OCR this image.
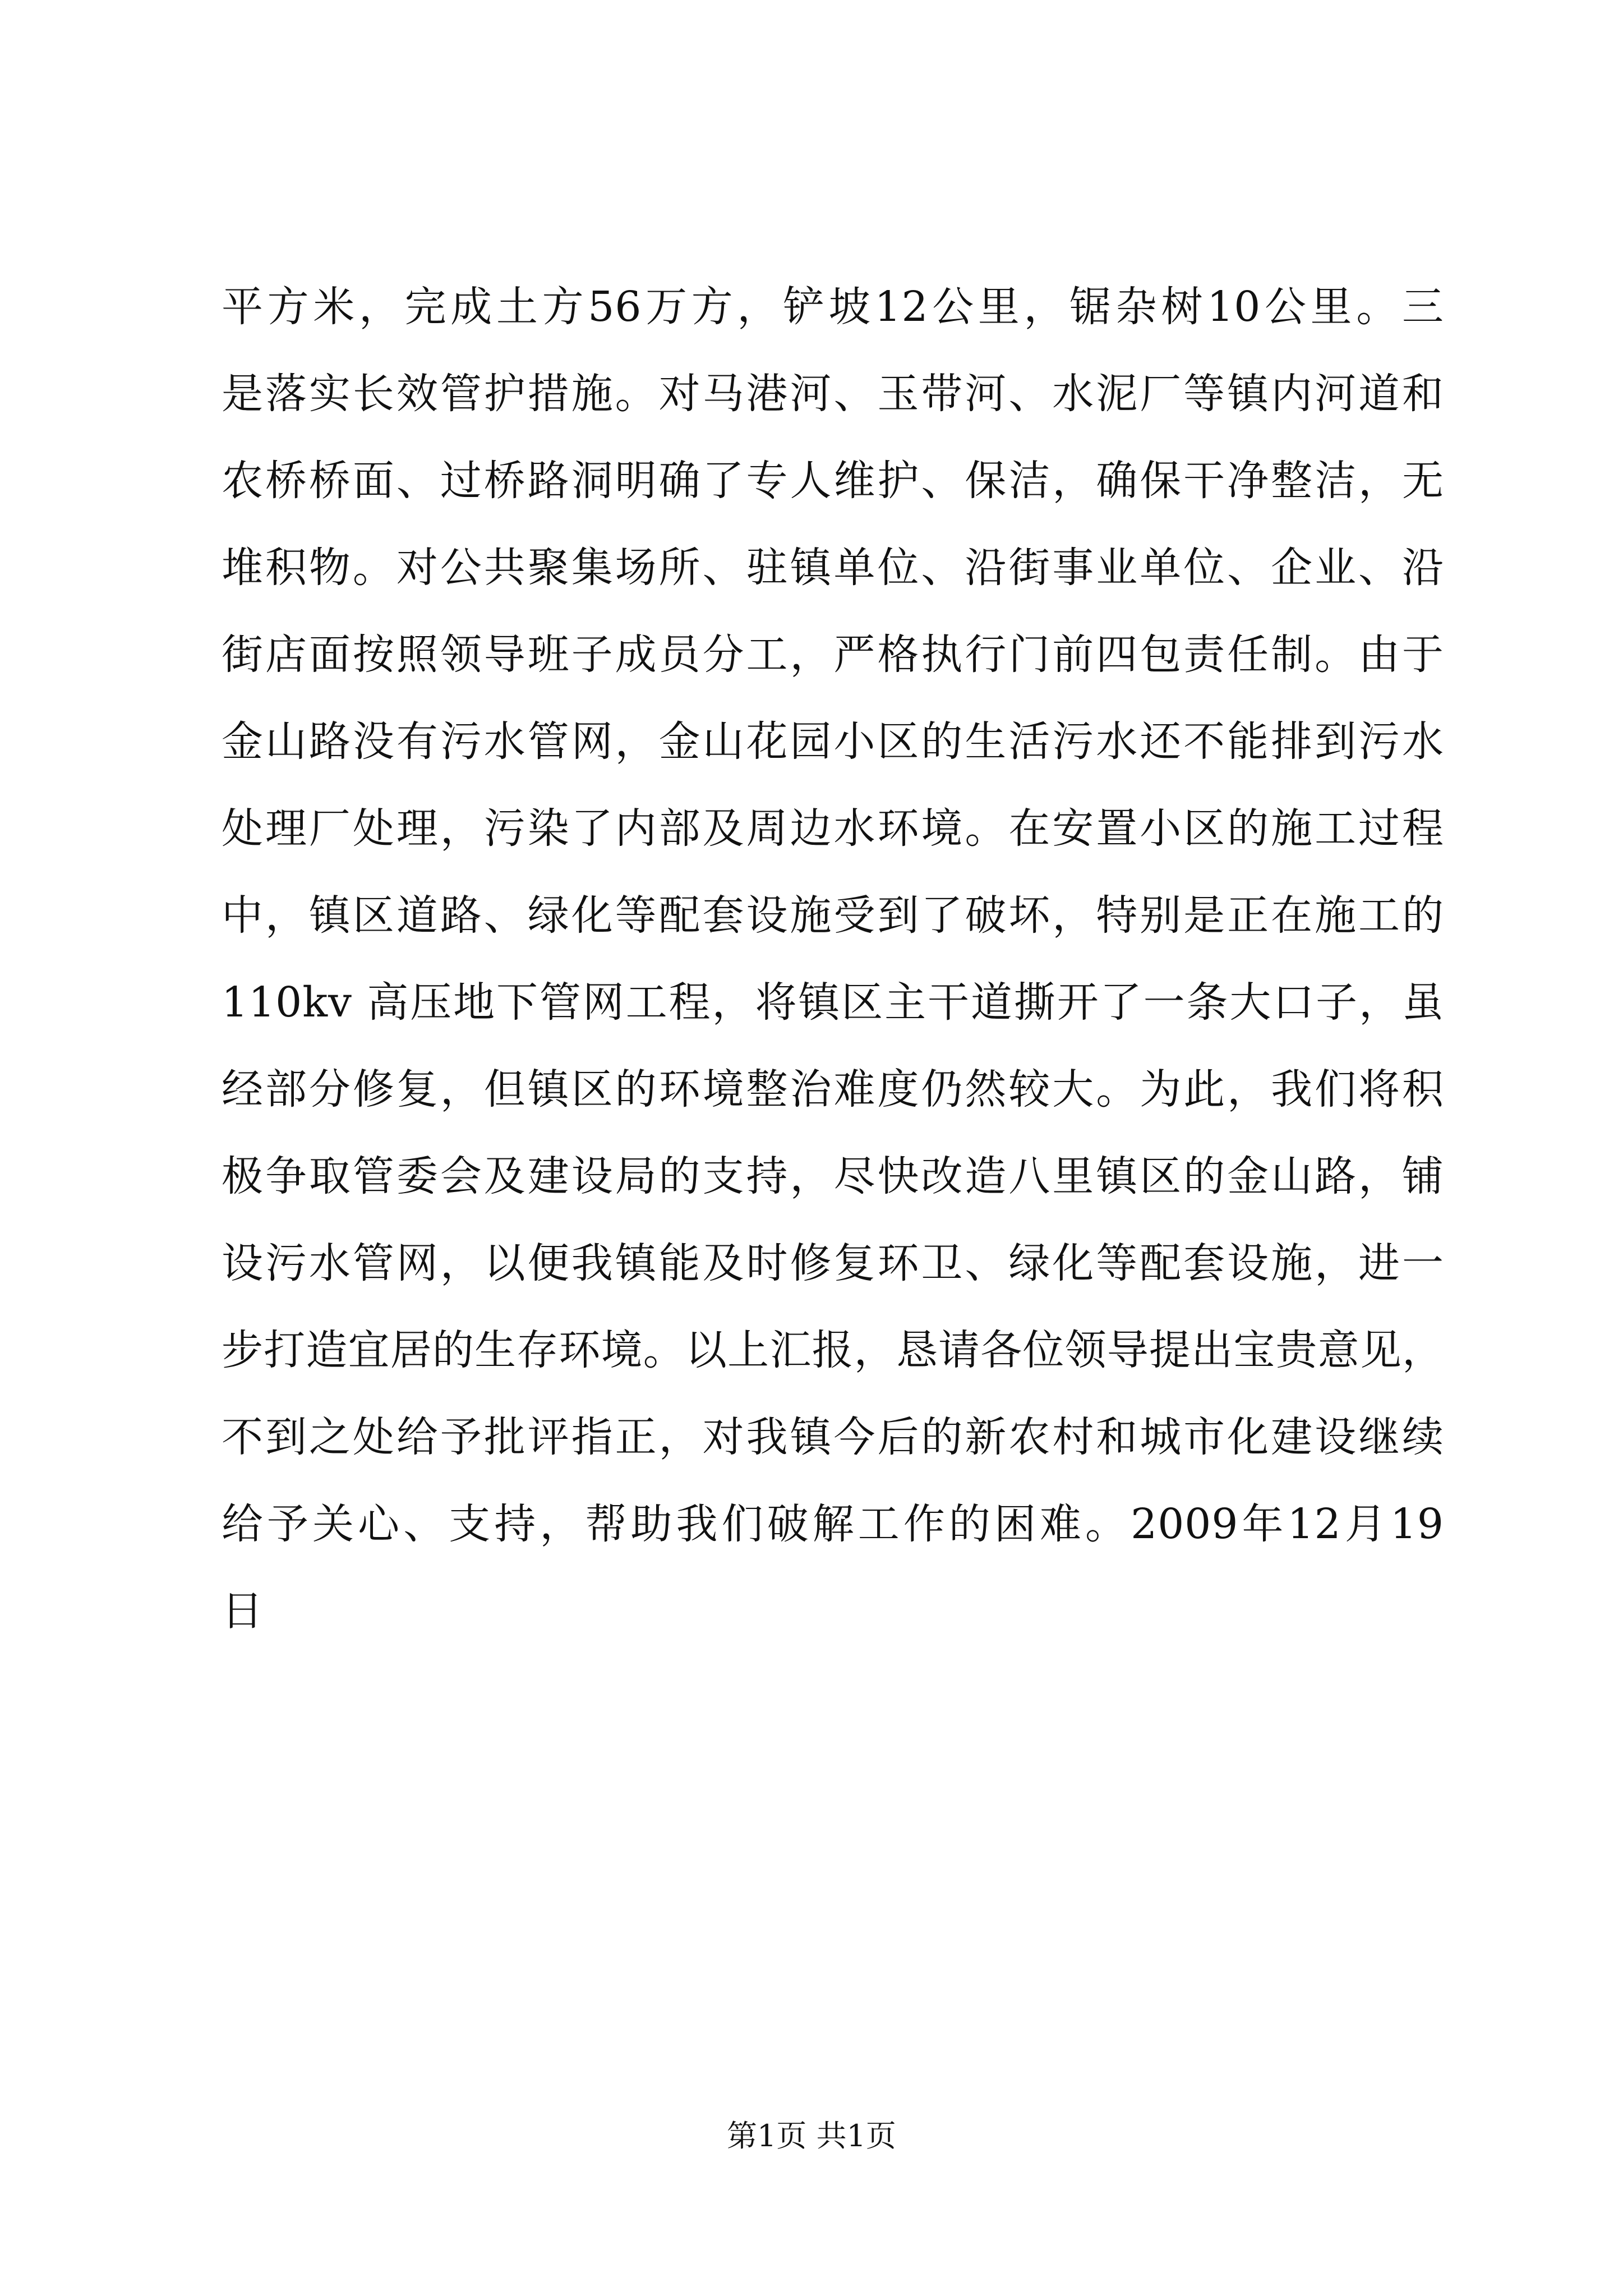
平方米，完成土方56万方，铲坡12公里，锯杂树10公里。三
是落实长效管护措施。对马港河、玉带河、水泥厂等镇内河道和
农桥桥面、过桥路洞明确了专人维护、保洁，确保干净整洁，无
堆积物。对公共聚集场所、驻镇单位、沿街事业单位、企业、沿
街店面按照领导班子成员分工，严格执行门前四包责任制。由于
金山路没有污水管网，金山花园小区的生活污水还不能排到污水
处理厂处理，污染了内部及周边水环境。在安置小区的施工过程
中，镇区道路、绿化等配套设施受到了破坏，特别是正在施工的
110kv 高压地下管网工程，将镇区主干道撕开了一条大口子，虽
经部分修复，但镇区的环境整治难度仍然较大。为此，我们将积
极争取管委会及建设局的支持，尽快改造八里镇区的金山路，铺
设污水管网，以便我镇能及时修复环卫、绿化等配套设施，进一
步打造宜居的生存环境。以上汇报，恳请各位领导提出宝贵意见，
不到之处给予批评指正，对我镇今后的新农村和城市化建设继续
给予关心、支持，帮助我们破解工作的困难。2009年12月19
日
第1页 共1页
